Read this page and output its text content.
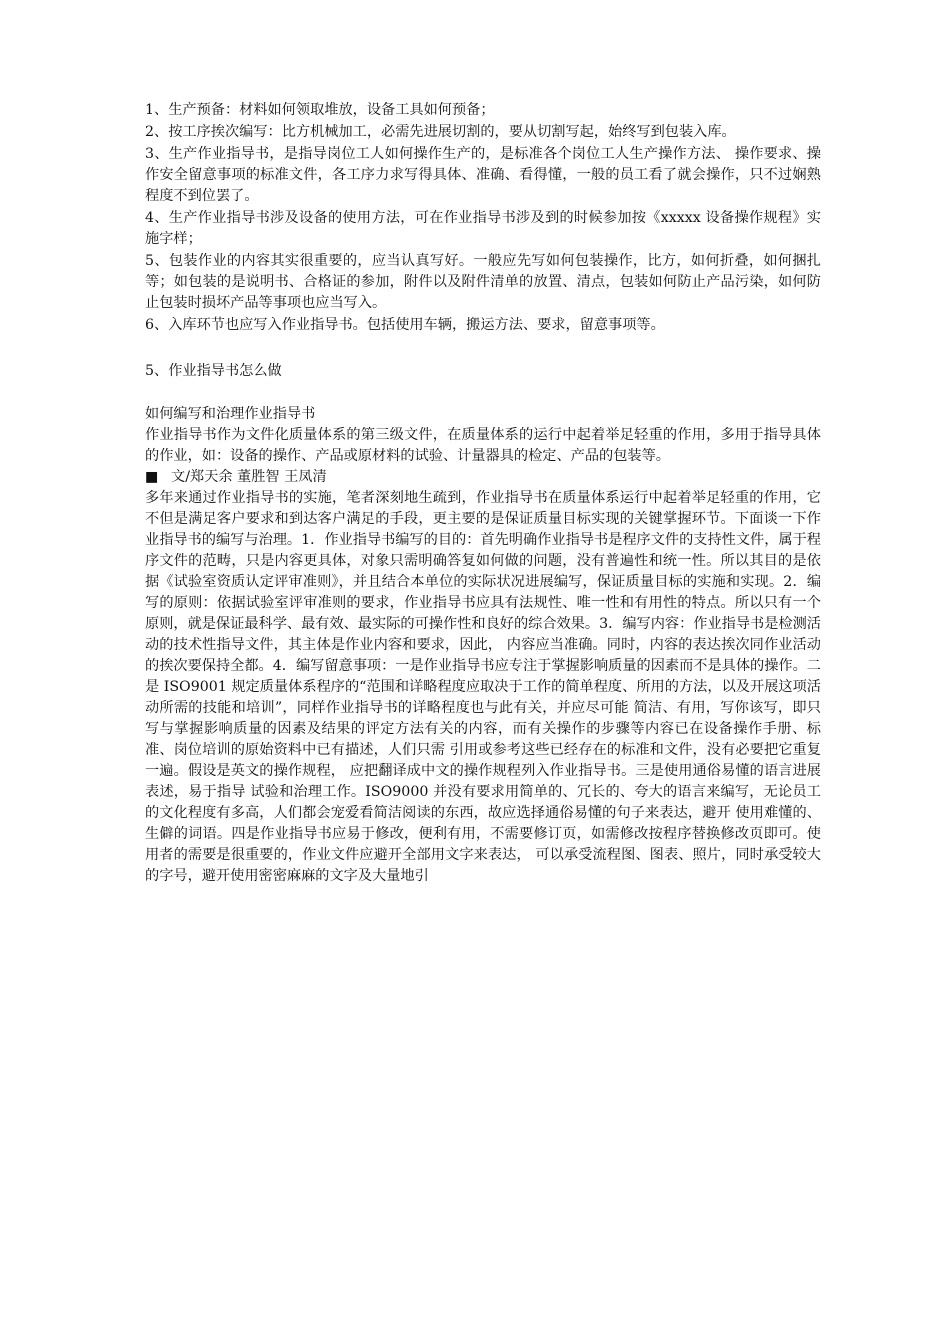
1、生产预备：材料如何领取堆放，设备工具如何预备；

2、按工序挨次编写：比方机械加工，必需先进展切割的，要从切割写起，始终写到包装入库。

3、生产作业指导书，是指导岗位工人如何操作生产的，是标准各个岗位工人生产操作方法、 操作要求、操作安全留意事项的标准文件，各工序力求写得具体、准确、看得懂，一般的员工看了就会操作，只不过娴熟程度不到位罢了。

4、生产作业指导书涉及设备的使用方法，可在作业指导书涉及到的时候参加按《xxxxx 设备操作规程》实施字样；

5、包装作业的内容其实很重要的，应当认真写好。一般应先写如何包装操作，比方，如何折叠，如何捆扎等；如包装的是说明书、合格证的参加，附件以及附件清单的放置、清点，包装如何防止产品污染，如何防止包装时损坏产品等事项也应当写入。

6、入库环节也应写入作业指导书。包括使用车辆，搬运方法、要求，留意事项等。

5、作业指导书怎么做

如何编写和治理作业指导书

作业指导书作为文件化质量体系的第三级文件，在质量体系的运行中起着举足轻重的作用，多用于指导具体的作业，如：设备的操作、产品或原材料的试验、计量器具的检定、产品的包装等。

■ 文/郑天余 董胜智 王凤清

多年来通过作业指导书的实施，笔者深刻地生疏到，作业指导书在质量体系运行中起着举足轻重的作用，它不但是满足客户要求和到达客户满足的手段，更主要的是保证质量目标实现的关键掌握环节。下面谈一下作业指导书的编写与治理。1．作业指导书编写的目的：首先明确作业指导书是程序文件的支持性文件，属于程序文件的范畴，只是内容更具体，对象只需明确答复如何做的问题，没有普遍性和统一性。所以其目的是依据《试验室资质认定评审准则》，并且结合本单位的实际状况进展编写，保证质量目标的实施和实现。2．编写的原则：依据试验室评审准则的要求，作业指导书应具有法规性、唯一性和有用性的特点。所以只有一个原则，就是保证最科学、最有效、最实际的可操作性和良好的综合效果。3．编写内容：作业指导书是检测活动的技术性指导文件，其主体是作业内容和要求，因此， 内容应当准确。同时，内容的表达挨次同作业活动的挨次要保持全都。4．编写留意事项：一是作业指导书应专注于掌握影响质量的因素而不是具体的操作。二是 ISO9001 规定质量体系程序的“范围和详略程度应取决于工作的简单程度、所用的方法，以及开展这项活动所需的技能和培训”，同样作业指导书的详略程度也与此有关，并应尽可能 简洁、有用，写你该写，即只写与掌握影响质量的因素及结果的评定方法有关的内容，而有关操作的步骤等内容已在设备操作手册、标准、岗位培训的原始资料中已有描述，人们只需 引用或参考这些已经存在的标准和文件，没有必要把它重复一遍。假设是英文的操作规程， 应把翻译成中文的操作规程列入作业指导书。三是使用通俗易懂的语言进展表述，易于指导 试验和治理工作。ISO9000 并没有要求用简单的、冗长的、夸大的语言来编写，无论员工的文化程度有多高，人们都会宠爱看简洁阅读的东西，故应选择通俗易懂的句子来表达，避开 使用难懂的、生僻的词语。四是作业指导书应易于修改，便利有用，不需要修订页，如需修改按程序替换修改页即可。使用者的需要是很重要的，作业文件应避开全部用文字来表达， 可以承受流程图、图表、照片，同时承受较大的字号，避开使用密密麻麻的文字及大量地引
